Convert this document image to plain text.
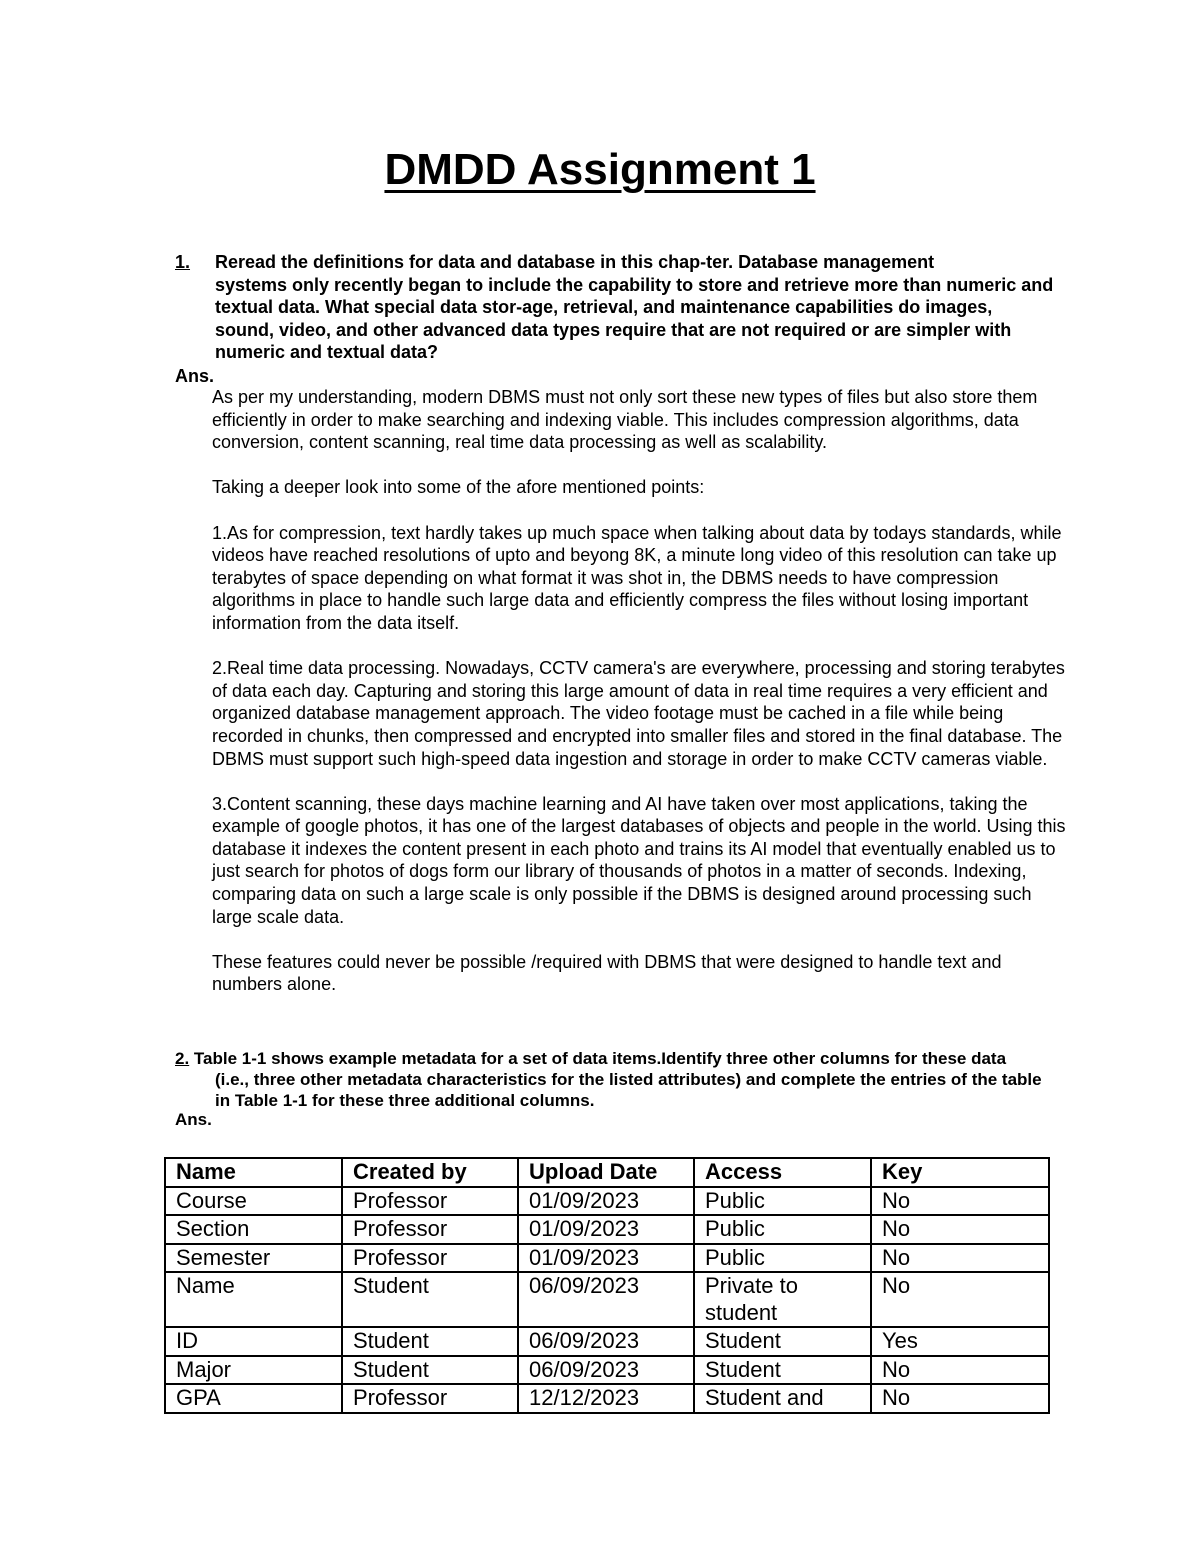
DMDD Assignment 1
1. Reread the definitions for data and database in this chap-ter. Database management
systems only recently began to include the capability to store and retrieve more than numeric and textual data. What special data stor-age, retrieval, and maintenance capabilities do images, sound, video, and other advanced data types require that are not required or are simpler with numeric and textual data?
Ans.

As per my understanding, modern DBMS must not only sort these new types of files but also store them efficiently in order to make searching and indexing viable. This includes compression algorithms, data conversion, content scanning, real time data processing as well as scalability.

Taking a deeper look into some of the afore mentioned points:

1.As for compression, text hardly takes up much space when talking about data by todays standards, while videos have reached resolutions of upto and beyong 8K, a minute long video of this resolution can take up terabytes of space depending on what format it was shot in, the DBMS needs to have compression algorithms in place to handle such large data and efficiently compress the files without losing important information from the data itself.

2.Real time data processing. Nowadays, CCTV camera's are everywhere, processing and storing terabytes of data each day. Capturing and storing this large amount of data in real time requires a very efficient and organized database management approach. The video footage must be cached in a file while being recorded in chunks, then compressed and encrypted into smaller files and stored in the final database. The DBMS must support such high-speed data ingestion and storage in order to make CCTV cameras viable.

3.Content scanning, these days machine learning and AI have taken over most applications, taking the example of google photos, it has one of the largest databases of objects and people in the world. Using this database it indexes the content present in each photo and trains its AI model that eventually enabled us to just search for photos of dogs form our library of thousands of photos in a matter of seconds. Indexing, comparing data on such a large scale is only possible if the DBMS is designed around processing such large scale data.

These features could never be possible /required with DBMS that were designed to handle text and numbers alone.

2. Table 1-1 shows example metadata for a set of data items.Identify three other columns for these data
(i.e., three other metadata characteristics for the listed attributes) and complete the entries of the table in Table 1-1 for these three additional columns.
Ans.
Name	Created by	Upload Date	Access	Key
Course	Professor	01/09/2023	Public	No
Section	Professor	01/09/2023	Public	No
Semester	Professor	01/09/2023	Public	No
Name	Student	06/09/2023	Private to student	No
ID	Student	06/09/2023	Student	Yes
Major	Student	06/09/2023	Student	No
GPA	Professor	12/12/2023	Student and	No
